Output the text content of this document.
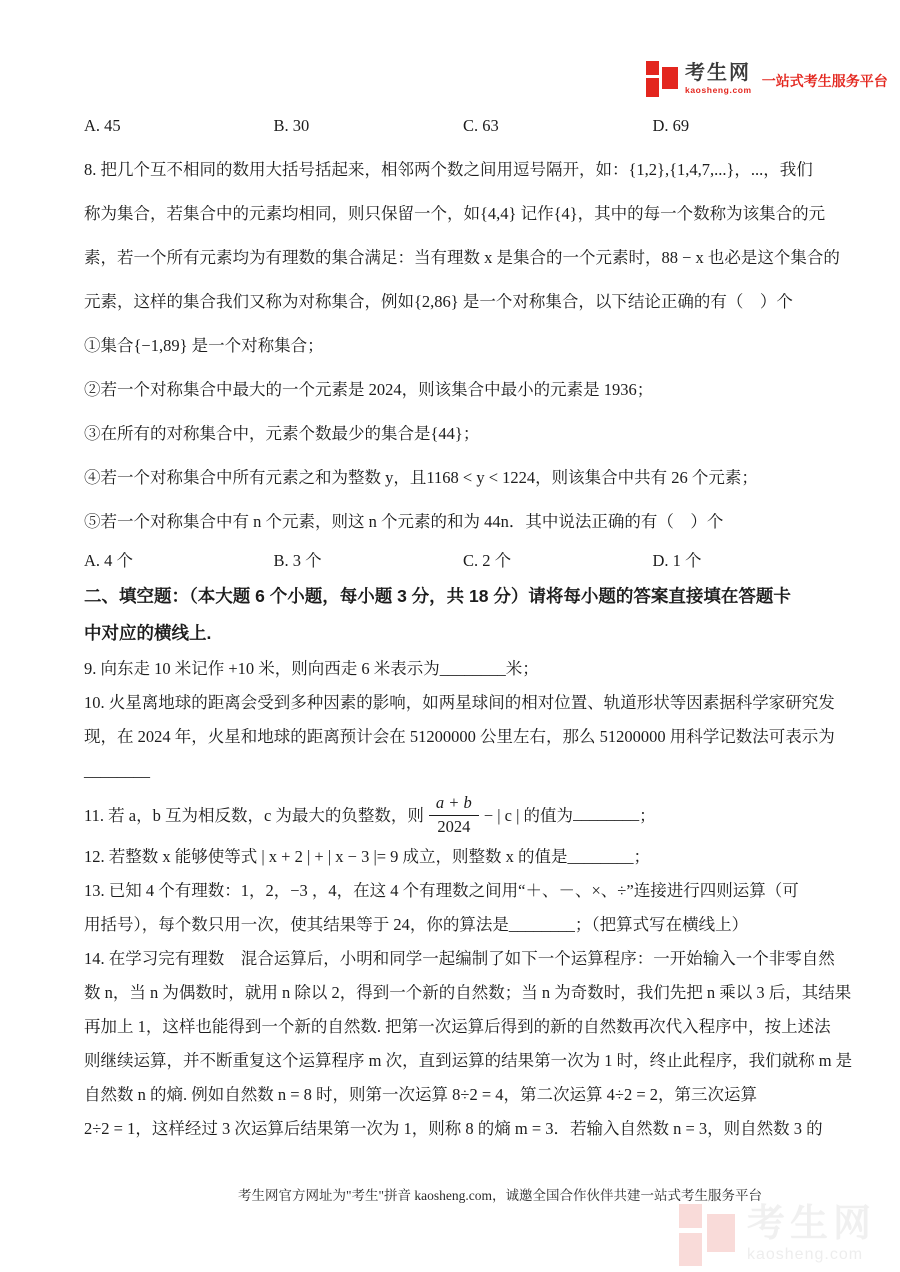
考生网
kaosheng.com
一站式考生服务平台
A. 45	B. 30	C. 63	D. 69
8. 把几个互不相同的数用大括号括起来，相邻两个数之间用逗号隔开，如：{1,2},{1,4,7,...}，...，我们
称为集合，若集合中的元素均相同，则只保留一个，如{4,4} 记作{4}，其中的每一个数称为该集合的元
素，若一个所有元素均为有理数的集合满足：当有理数 x 是集合的一个元素时，88 − x 也必是这个集合的
元素，这样的集合我们又称为对称集合，例如{2,86} 是一个对称集合，以下结论正确的有（　）个
①集合{−1,89} 是一个对称集合；
②若一个对称集合中最大的一个元素是 2024，则该集合中最小的元素是 1936；
③在所有的对称集合中，元素个数最少的集合是{44}；
④若一个对称集合中所有元素之和为整数 y，且1168 < y < 1224，则该集合中共有 26 个元素；
⑤若一个对称集合中有 n 个元素，则这 n 个元素的和为 44n．其中说法正确的有（　）个
A. 4 个	B. 3 个	C. 2 个	D. 1 个
二、填空题：（本大题 6 个小题，每小题 3 分，共 18 分）请将每小题的答案直接填在答题卡
中对应的横线上.
9. 向东走 10 米记作 +10 米，则向西走 6 米表示为________米；
10. 火星离地球的距离会受到多种因素的影响，如两星球间的相对位置、轨道形状等因素据科学家研究发
现，在 2024 年，火星和地球的距离预计会在 51200000 公里左右，那么 51200000 用科学记数法可表示为
________
11. 若 a，b 互为相反数，c 为最大的负整数，则 $\frac{a + b}{2024}$ − | c | 的值为 ________ ；
12. 若整数 x 能够使等式 | x + 2 | + | x − 3 |= 9 成立，则整数 x 的值是________；
13. 已知 4 个有理数：1，2，−3 ，4，在这 4 个有理数之间用“＋、－、×、÷”连接进行四则运算（可
用括号），每个数只用一次，使其结果等于 24，你的算法是________；（把算式写在横线上）
14. 在学习完有理数　混合运算后，小明和同学一起编制了如下一个运算程序：一开始输入一个非零自然
数 n，当 n 为偶数时，就用 n 除以 2，得到一个新的自然数；当 n 为奇数时，我们先把 n 乘以 3 后，其结果
再加上 1，这样也能得到一个新的自然数. 把第一次运算后得到的新的自然数再次代入程序中，按上述法
则继续运算，并不断重复这个运算程序 m 次，直到运算的结果第一次为 1 时，终止此程序，我们就称 m 是
自然数 n 的熵. 例如自然数 n = 8 时，则第一次运算 8÷2 = 4，第二次运算 4÷2 = 2，第三次运算
2÷2 = 1，这样经过 3 次运算后结果第一次为 1，则称 8 的熵 m = 3．若输入自然数 n = 3，则自然数 3 的
考生网官方网址为"考生"拼音 kaosheng.com，诚邀全国合作伙伴共建一站式考生服务平台
考生网
kaosheng.com
